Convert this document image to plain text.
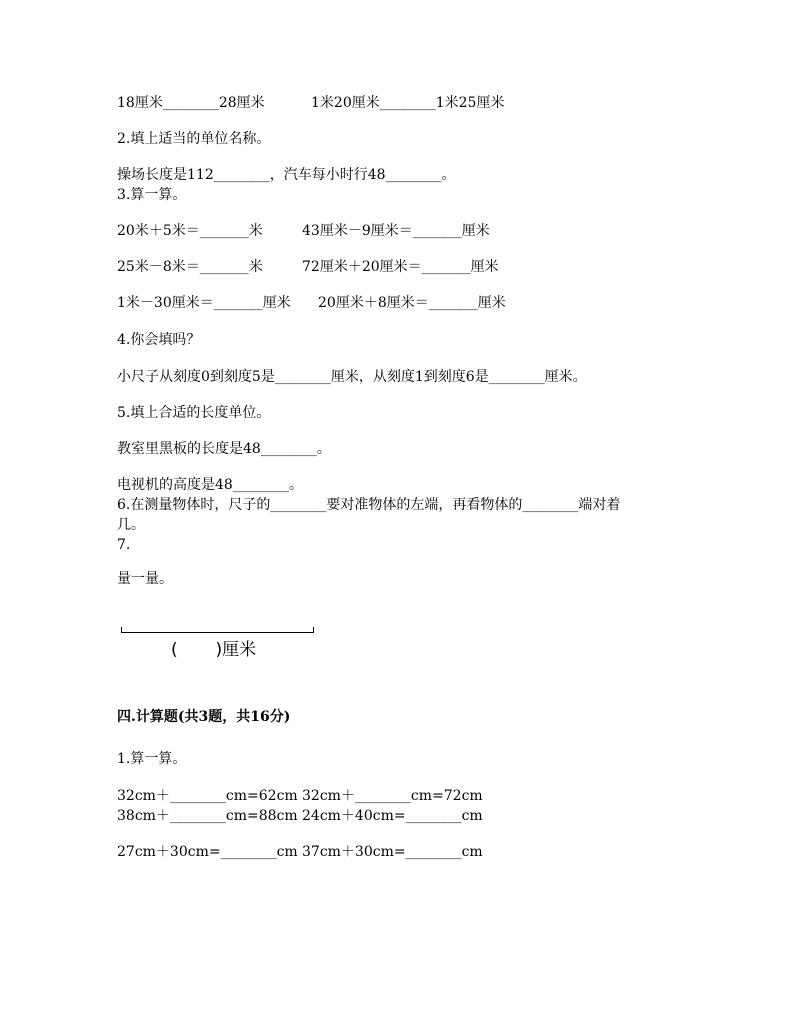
18厘米________28厘米	1米20厘米________1米25厘米
2.填上适当的单位名称。
操场长度是112________，汽车每小时行48________。
3.算一算。
20米＋5米＝_______米	43厘米－9厘米＝_______厘米
25米－8米＝_______米	72厘米＋20厘米＝_______厘米
1米－30厘米＝_______厘米 20厘米＋8厘米＝_______厘米
4.你会填吗？
小尺子从刻度0到刻度5是________厘米，从刻度1到刻度6是________厘米。
5.填上合适的长度单位。
教室里黑板的长度是48________。
电视机的高度是48________。
6.在测量物体时，尺子的________要对准物体的左端，再看物体的________端对着
几。
7.
量一量。
(       )厘米
四.计算题(共3题，共16分)
1.算一算。
32cm＋________cm=62cm 32cm＋________cm=72cm
38cm＋________cm=88cm 24cm＋40cm=________cm
27cm＋30cm=________cm 37cm＋30cm=________cm
